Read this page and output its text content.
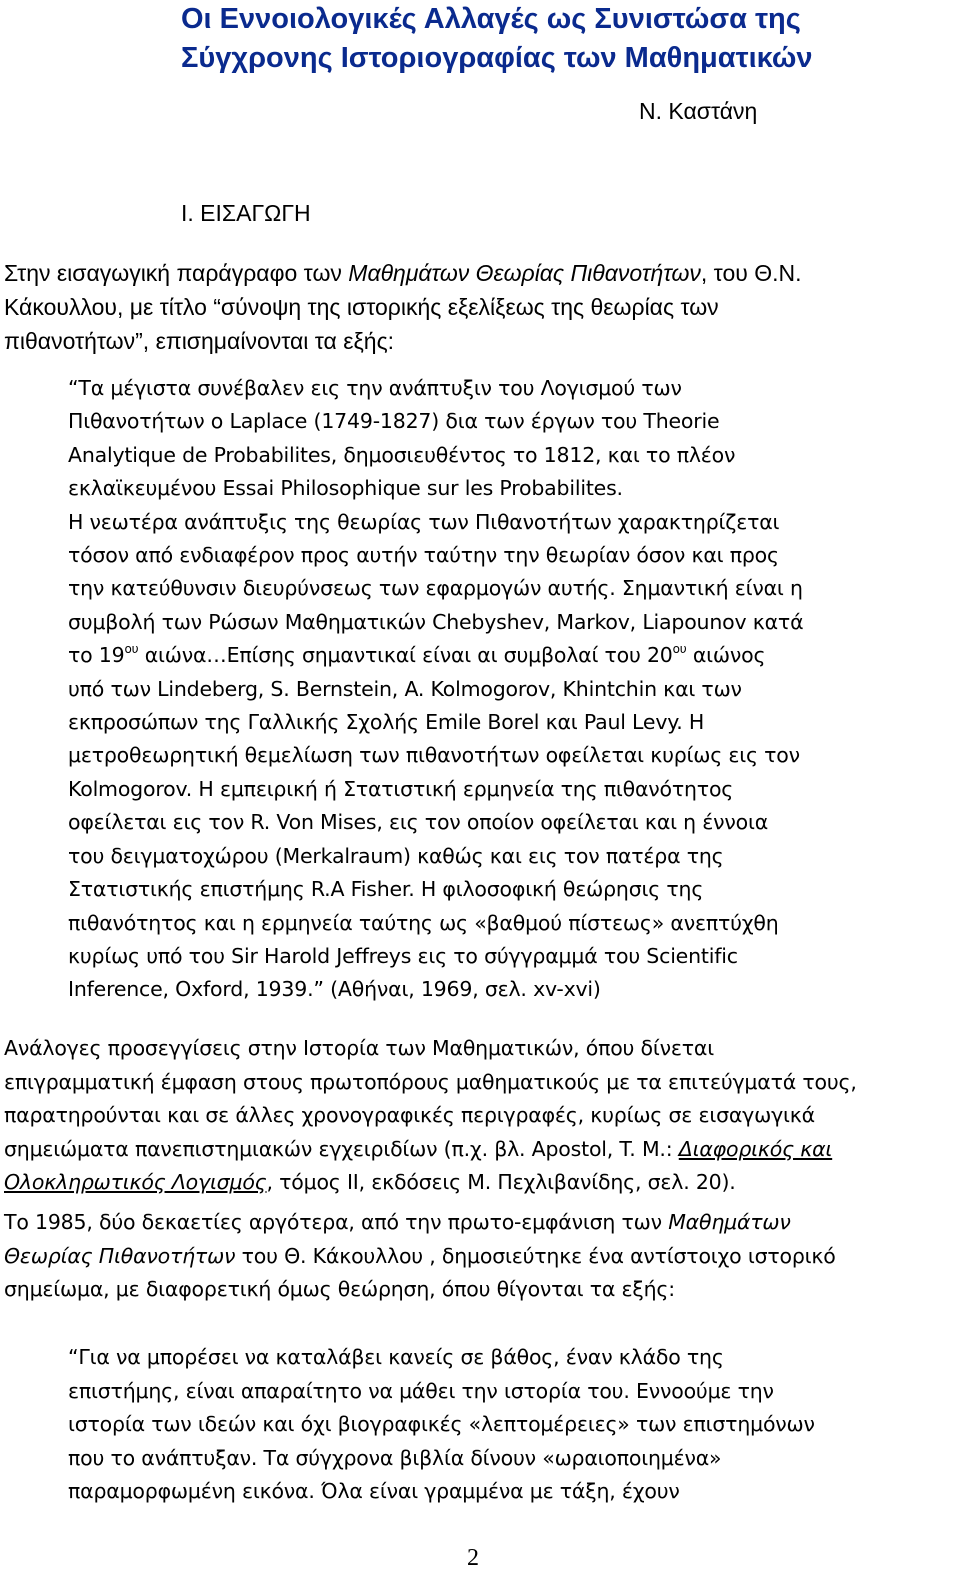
Οι Εννοιολογικές Αλλαγές ως Συνιστώσα της
Σύγχρονης Ιστοριογραφίας των Μαθηματικών
Ν. Καστάνη
Ι. ΕΙΣΑΓΩΓΗ
Στην εισαγωγική παράγραφο των Μαθημάτων Θεωρίας Πιθανοτήτων, του Θ.Ν.
Κάκουλλου, με τίτλο “σύνοψη της ιστορικής εξελίξεως της θεωρίας των
πιθανοτήτων”, επισημαίνονται τα εξής:
“Τα μέγιστα συνέβαλεν εις την ανάπτυξιν του Λογισμού των
Πιθανοτήτων ο Laplace (1749-1827) δια των έργων του Theorie
Analytique de Probabilites, δημοσιευθέντος το 1812, και το πλέον
εκλαϊκευμένου Essai Philosophique sur les Probabilites.
Η νεωτέρα ανάπτυξις της θεωρίας των Πιθανοτήτων χαρακτηρίζεται
τόσον από ενδιαφέρον προς αυτήν ταύτην την θεωρίαν όσον και προς
την κατεύθυνσιν διευρύνσεως των εφαρμογών αυτής. Σημαντική είναι η
συμβολή των Ρώσων Μαθηματικών Chebyshev, Markov, Liapounov κατά
το $19^{o\upsilon}$ αιώνα…Επίσης σημαντικαί είναι αι συμβολαί του $20^{o\upsilon}$ αιώνος
υπό των Lindeberg, S. Bernstein, A. Kolmogorov, Khintchin και των
εκπροσώπων της Γαλλικής Σχολής Emile Borel και Paul Levy. Η
μετροθεωρητική θεμελίωση των πιθανοτήτων οφείλεται κυρίως εις τον
Kolmogorov. Η εμπειρική ή Στατιστική ερμηνεία της πιθανότητος
οφείλεται εις τον R. Von Mises, εις τον οποίον οφείλεται και η έννοια
του δειγματοχώρου (Merkalraum) καθώς και εις τον πατέρα της
Στατιστικής επιστήμης R.A Fisher. Η φιλοσοφική θεώρησις της
πιθανότητος και η ερμηνεία ταύτης ως «βαθμού πίστεως» ανεπτύχθη
κυρίως υπό του Sir Harold Jeffreys εις το σύγγραμμά του Scientific
Inference, Oxford, 1939.” (Αθήναι, 1969, σελ. xv-xvi)
Ανάλογες προσεγγίσεις στην Ιστορία των Μαθηματικών, όπου δίνεται
επιγραμματική έμφαση στους πρωτοπόρους μαθηματικούς με τα επιτεύγματά τους,
παρατηρούνται και σε άλλες χρονογραφικές περιγραφές, κυρίως σε εισαγωγικά
σημειώματα πανεπιστημιακών εγχειριδίων (π.χ. βλ. Apostol, T. M.: Διαφορικός και
Ολοκληρωτικός Λογισμός, τόμος ΙΙ, εκδόσεις Μ. Πεχλιβανίδης, σελ. 20).
Το 1985, δύο δεκαετίες αργότερα, από την πρωτο-εμφάνιση των Μαθημάτων
Θεωρίας Πιθανοτήτων του Θ. Κάκουλλου , δημοσιεύτηκε ένα αντίστοιχο ιστορικό
σημείωμα, με διαφορετική όμως θεώρηση, όπου θίγονται τα εξής:
“Για να μπορέσει να καταλάβει κανείς σε βάθος, έναν κλάδο της
επιστήμης, είναι απαραίτητο να μάθει την ιστορία του. Εννοούμε την
ιστορία των ιδεών και όχι βιογραφικές «λεπτομέρειες» των επιστημόνων
που το ανάπτυξαν. Τα σύγχρονα βιβλία δίνουν «ωραιοποιημένα»
παραμορφωμένη εικόνα. Όλα είναι γραμμένα με τάξη, έχουν
2
